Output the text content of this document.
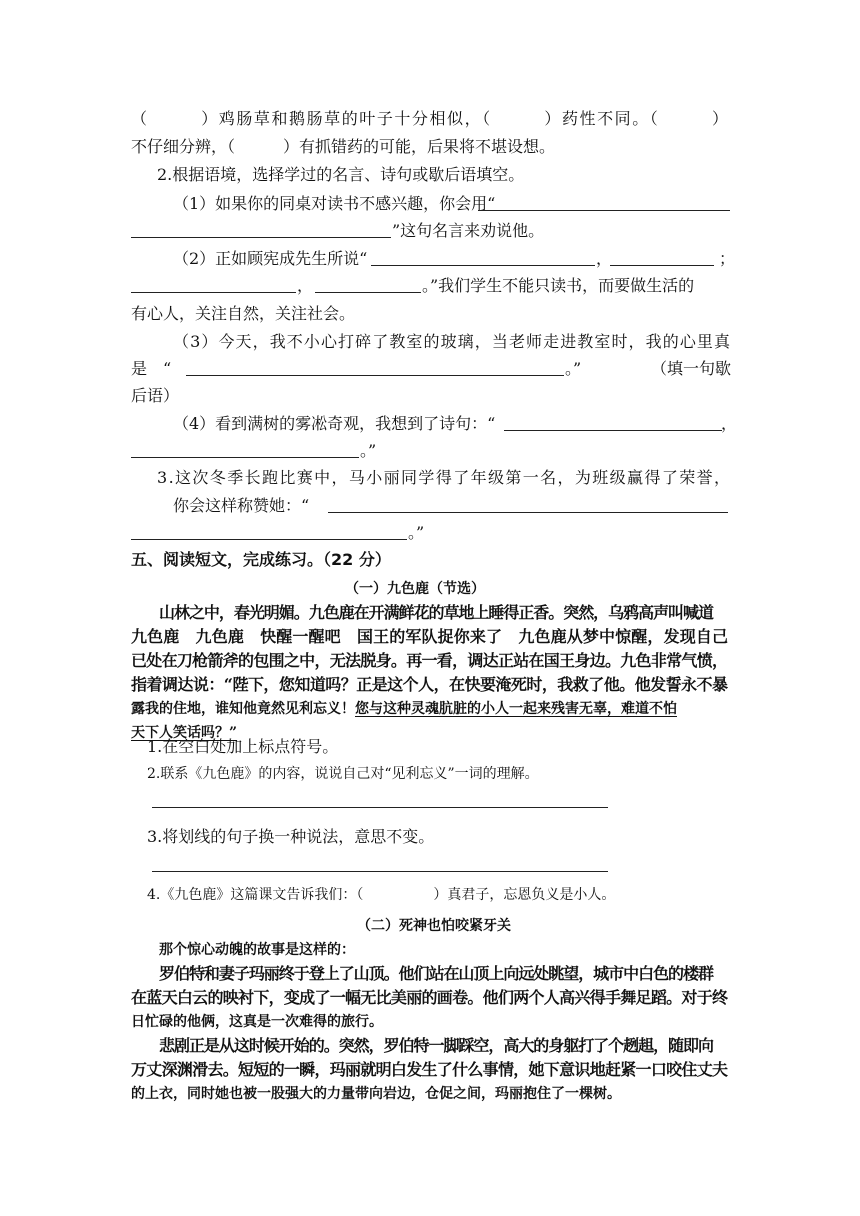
（　　　）鸡肠草和鹅肠草的叶子十分相似，（　　　）药性不同。（　　　）
不仔细分辨，（　　　）有抓错药的可能，后果将不堪设想。
2.根据语境，选择学过的名言、诗句或歇后语填空。
（1）如果你的同桌对读书不感兴趣，你会用“
”这句名言来劝说他。
（2）正如顾宪成先生所说“	，	；
，	。”我们学生不能只读书，而要做生活的
有心人，关注自然，关注社会。
（3）今天，我不小心打碎了教室的玻璃，当老师走进教室时，我的心里真
是　“	。”	（填一句歇
后语）
（4）看到满树的雾凇奇观，我想到了诗句：“	，
。”
3.这次冬季长跑比赛中，马小丽同学得了年级第一名，为班级赢得了荣誉，
你会这样称赞她：“
。”
五、阅读短文，完成练习。（22 分）
（一）九色鹿（节选）
山林之中，春光明媚。九色鹿在开满鲜花的草地上睡得正香。突然，乌鸦高声叫喊道
九色鹿　九色鹿　快醒一醒吧　国王的军队捉你来了　九色鹿从梦中惊醒，发现自己
已处在刀枪箭斧的包围之中，无法脱身。再一看，调达正站在国王身边。九色非常气愤，
指着调达说：“陛下，您知道吗？正是这个人，在快要淹死时，我救了他。他发誓永不暴
露我的住地，谁知他竟然见利忘义！您与这种灵魂肮脏的小人一起来残害无辜，难道不怕
天下人笑话吗？”
1.在空白处加上标点符号。
2.联系《九色鹿》的内容，说说自己对“见利忘义”一词的理解。
3.将划线的句子换一种说法，意思不变。
4.《九色鹿》这篇课文告诉我们：（　　　　　）真君子，忘恩负义是小人。
（二）死神也怕咬紧牙关
那个惊心动魄的故事是这样的：
罗伯特和妻子玛丽终于登上了山顶。他们站在山顶上向远处眺望，城市中白色的楼群
在蓝天白云的映衬下，变成了一幅无比美丽的画卷。他们两个人高兴得手舞足蹈。对于终
日忙碌的他俩，这真是一次难得的旅行。
悲剧正是从这时候开始的。突然，罗伯特一脚踩空，高大的身躯打了个趔趄，随即向
万丈深渊滑去。短短的一瞬，玛丽就明白发生了什么事情，她下意识地赶紧一口咬住丈夫
的上衣，同时她也被一股强大的力量带向岩边，仓促之间，玛丽抱住了一棵树。
